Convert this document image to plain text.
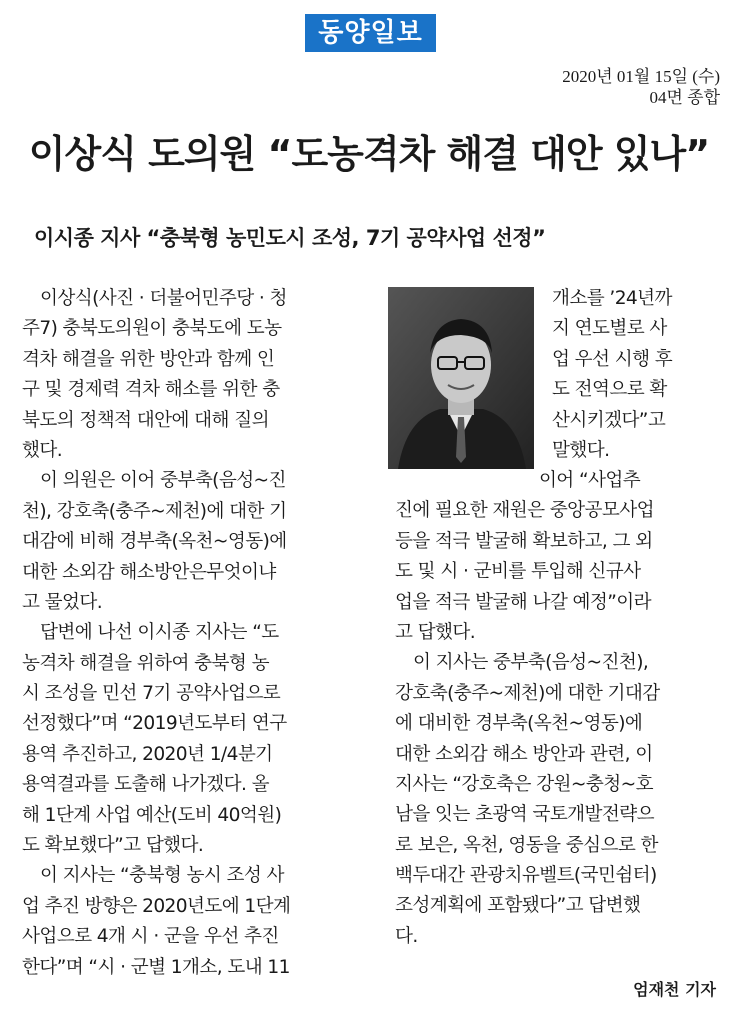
동양일보
2020년 01월 15일 (수)
04면 종합
이상식 도의원 “도농격차 해결 대안 있나”
이시종 지사 “충북형 농민도시 조성, 7기 공약사업 선정”
　이상식(사진 · 더불어민주당 · 청
주7) 충북도의원이 충북도에 도농
격차 해결을 위한 방안과 함께 인
구 및 경제력 격차 해소를 위한 충
북도의 정책적 대안에 대해 질의
했다.
　이 의원은 이어 중부축(음성~진
천), 강호축(충주~제천)에 대한 기
대감에 비해 경부축(옥천~영동)에
대한 소외감 해소방안은무엇이냐
고 물었다.
　답변에 나선 이시종 지사는 “도
농격차 해결을 위하여 충북형 농
시 조성을 민선 7기 공약사업으로
선정했다”며 “2019년도부터 연구
용역 추진하고, 2020년 1/4분기
용역결과를 도출해 나가겠다. 올
해 1단계 사업 예산(도비 40억원)
도 확보했다”고 답했다.
　이 지사는 “충북형 농시 조성 사
업 추진 방향은 2020년도에 1단계
사업으로 4개 시 · 군을 우선 추진
한다”며 “시 · 군별 1개소, 도내 11
개소를 ’24년까
지 연도별로 사
업 우선 시행 후
도 전역으로 확
산시키겠다”고
말했다.
　　　　　　　　이어 “사업추
진에 필요한 재원은 중앙공모사업
등을 적극 발굴해 확보하고, 그 외
도 및 시 · 군비를 투입해 신규사
업을 적극 발굴해 나갈 예정”이라
고 답했다.
　이 지사는 중부축(음성~진천),
강호축(충주~제천)에 대한 기대감
에 대비한 경부축(옥천~영동)에
대한 소외감 해소 방안과 관련, 이
지사는 “강호축은 강원~충청~호
남을 잇는 초광역 국토개발전략으
로 보은, 옥천, 영동을 중심으로 한
백두대간 관광치유벨트(국민쉼터)
조성계획에 포함됐다”고 답변했
다.
엄재천 기자
